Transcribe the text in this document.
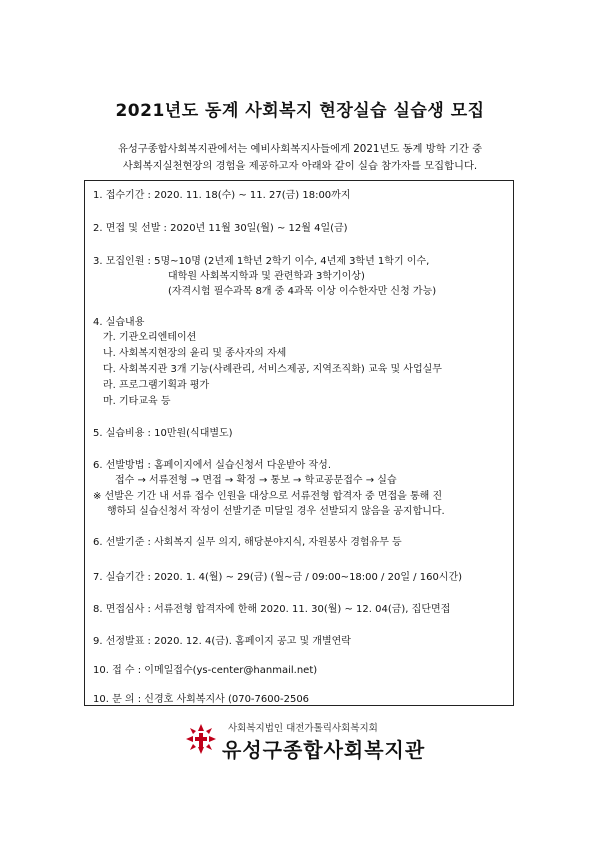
2021년도 동계 사회복지 현장실습 실습생 모집
유성구종합사회복지관에서는 예비사회복지사들에게 2021년도 동계 방학 기간 중
사회복지실천현장의 경험을 제공하고자 아래와 같이 실습 참가자를 모집합니다.
1. 접수기간 : 2020. 11. 18(수) ~ 11. 27(금) 18:00까지
2. 면접 및 선발 : 2020년 11월 30일(월) ~ 12월 4일(금)
3. 모집인원 : 5명~10명 (2년제 1학년 2학기 이수, 4년제 3학년 1학기 이수,
대학원 사회복지학과 및 관련학과 3학기이상)
(자격시험 필수과목 8개 중 4과목 이상 이수한자만 신청 가능)
4. 실습내용
가. 기관오리엔테이션
나. 사회복지현장의 윤리 및 종사자의 자세
다. 사회복지관 3개 기능(사례관리, 서비스제공, 지역조직화) 교육 및 사업실무
라. 프로그램기획과 평가
마. 기타교육 등
5. 실습비용 : 10만원(식대별도)
6. 선발방법 : 홈페이지에서 실습신청서 다운받아 작성.
접수 → 서류전형 → 면접 → 확정 → 통보 → 학교공문접수 → 실습
※ 선발은 기간 내 서류 접수 인원을 대상으로 서류전형 합격자 중 면접을 통해 진
행하되 실습신청서 작성이 선발기준 미달일 경우 선발되지 않음을 공지합니다.
6. 선발기준 : 사회복지 실무 의지, 해당분야지식, 자원봉사 경험유무 등
7. 실습기간 : 2020. 1. 4(월) ~ 29(금) (월~금 / 09:00~18:00 / 20일 / 160시간)
8. 면접심사 : 서류전형 합격자에 한해 2020. 11. 30(월) ~ 12. 04(금), 집단면접
9. 선정발표 : 2020. 12. 4(금). 홈페이지 공고 및 개별연락
10. 접 수 : 이메일접수(ys-center@hanmail.net)
10. 문 의 : 신경호 사회복지사 (070-7600-2506
사회복지법인 대전가톨릭사회복지회
유성구종합사회복지관
